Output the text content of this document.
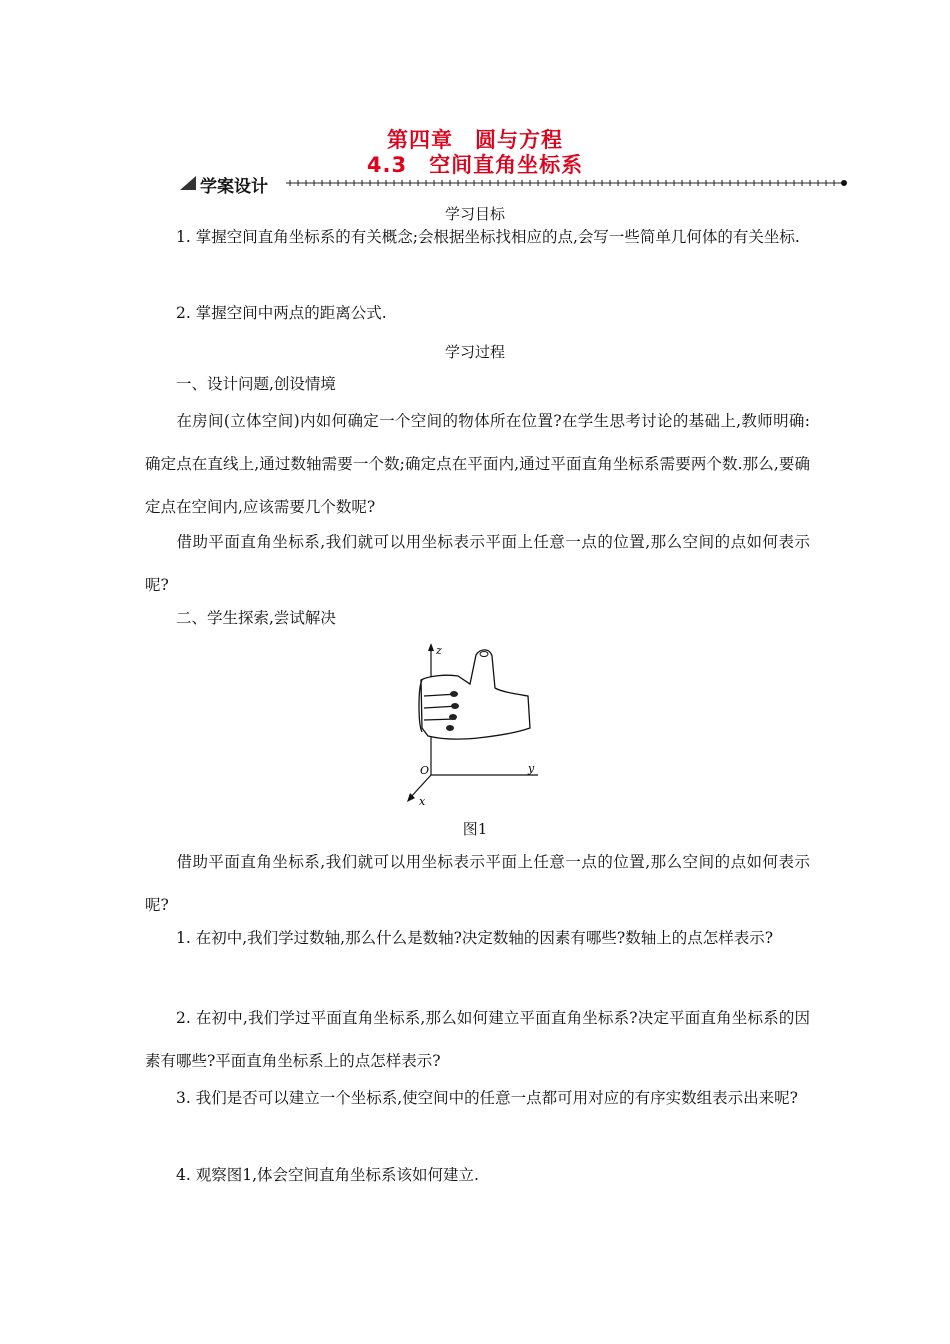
第四章　圆与方程
4.3　空间直角坐标系
学案设计
学习目标
1. 掌握空间直角坐标系的有关概念;会根据坐标找相应的点,会写一些简单几何体的有关坐标.
2. 掌握空间中两点的距离公式.
学习过程
一、设计问题,创设情境
在房间(立体空间)内如何确定一个空间的物体所在位置?在学生思考讨论的基础上,教师明确:确定点在直线上,通过数轴需要一个数;确定点在平面内,通过平面直角坐标系需要两个数.那么,要确定点在空间内,应该需要几个数呢?
借助平面直角坐标系,我们就可以用坐标表示平面上任意一点的位置,那么空间的点如何表示呢?
二、学生探索,尝试解决
z
y
x
O
图1
借助平面直角坐标系,我们就可以用坐标表示平面上任意一点的位置,那么空间的点如何表示呢?
1. 在初中,我们学过数轴,那么什么是数轴?决定数轴的因素有哪些?数轴上的点怎样表示?
2. 在初中,我们学过平面直角坐标系,那么如何建立平面直角坐标系?决定平面直角坐标系的因素有哪些?平面直角坐标系上的点怎样表示?
3. 我们是否可以建立一个坐标系,使空间中的任意一点都可用对应的有序实数组表示出来呢?
4. 观察图1,体会空间直角坐标系该如何建立.
